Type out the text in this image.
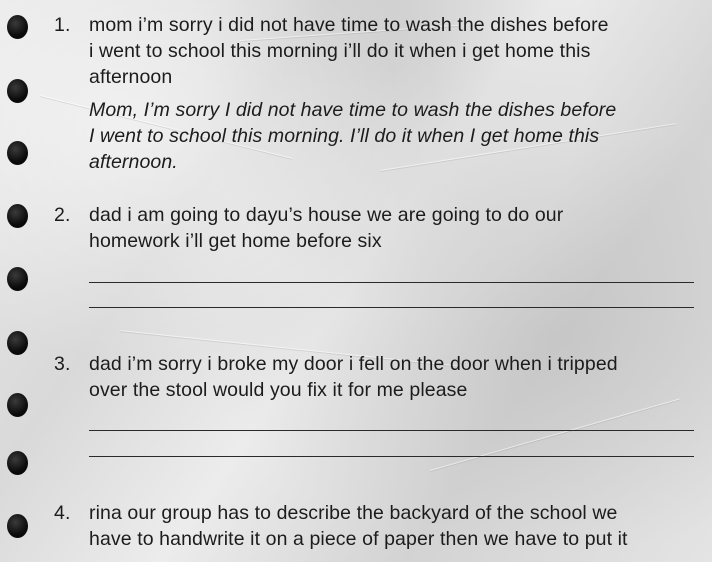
1. mom i’m sorry i did not have time to wash the dishes before
i went to school this morning i’ll do it when i get home this
afternoon
Mom, I’m sorry I did not have time to wash the dishes before
I went to school this morning. I’ll do it when I get home this
afternoon.
2. dad i am going to dayu’s house we are going to do our
homework i’ll get home before six
3. dad i’m sorry i broke my door i fell on the door when i tripped
over the stool would you fix it for me please
4. rina our group has to describe the backyard of the school we
have to handwrite it on a piece of paper then we have to put it
